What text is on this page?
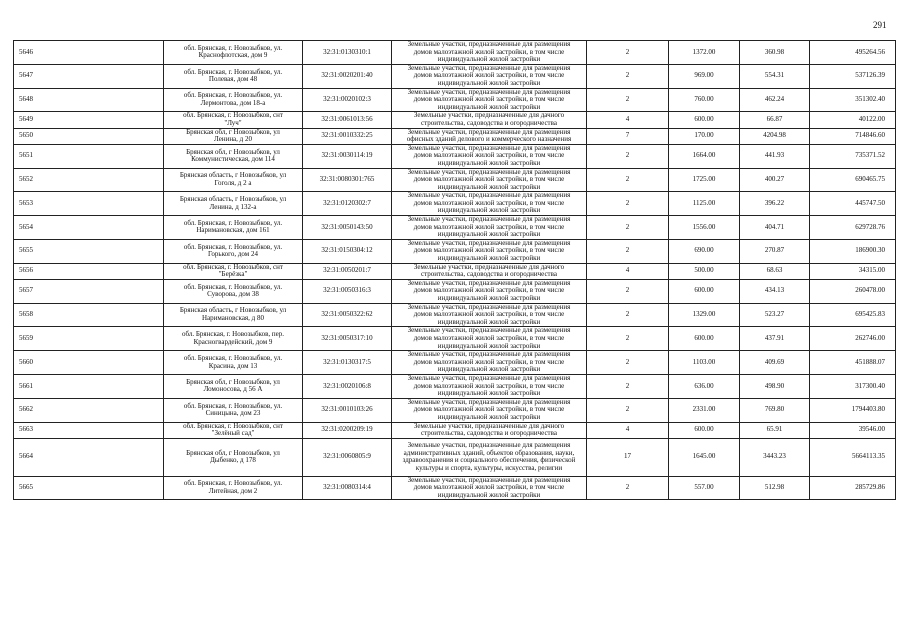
291
5646	обл. Брянская, г. Новозыбков, ул.
Краснофлотская, дом 9	32:31:0130310:1	Земельные участки, предназначенные для размещения
домов малоэтажной жилой застройки, в том числе
индивидуальной жилой застройки	2	1372.00	360.98	495264.56
5647	обл. Брянская, г. Новозыбков, ул.
Полевая, дом 48	32:31:0020201:40	Земельные участки, предназначенные для размещения
домов малоэтажной жилой застройки, в том числе
индивидуальной жилой застройки	2	969.00	554.31	537126.39
5648	обл. Брянская, г. Новозыбков, ул.
Лермонтова, дом 18-а	32:31:0020102:3	Земельные участки, предназначенные для размещения
домов малоэтажной жилой застройки, в том числе
индивидуальной жилой застройки	2	760.00	462.24	351302.40
5649	обл. Брянская, г. Новозыбков, снт
"Луч"	32:31:0061013:56	Земельные участки, предназначенные для дачного
строительства, садоводства и огородничества	4	600.00	66.87	40122.00
5650	Брянская обл, г Новозыбков, ул
Ленина, д 20	32:31:0010332:25	Земельные участки, предназначенные для размещения
офисных зданий делового и коммерческого назначения	7	170.00	4204.98	714846.60
5651	Брянская обл, г Новозыбков, ул
Коммунистическая, дом 114	32:31:0030114:19	Земельные участки, предназначенные для размещения
домов малоэтажной жилой застройки, в том числе
индивидуальной жилой застройки	2	1664.00	441.93	735371.52
5652	Брянская область, г Новозыбков, ул
Гоголя, д 2 а	32:31:0080301:765	Земельные участки, предназначенные для размещения
домов малоэтажной жилой застройки, в том числе
индивидуальной жилой застройки	2	1725.00	400.27	690465.75
5653	Брянская область, г Новозыбков, ул
Ленина, д 132-а	32:31:0120302:7	Земельные участки, предназначенные для размещения
домов малоэтажной жилой застройки, в том числе
индивидуальной жилой застройки	2	1125.00	396.22	445747.50
5654	обл. Брянская, г. Новозыбков, ул.
Наримановская, дом 161	32:31:0050143:50	Земельные участки, предназначенные для размещения
домов малоэтажной жилой застройки, в том числе
индивидуальной жилой застройки	2	1556.00	404.71	629728.76
5655	обл. Брянская, г. Новозыбков, ул.
Горького, дом 24	32:31:0150304:12	Земельные участки, предназначенные для размещения
домов малоэтажной жилой застройки, в том числе
индивидуальной жилой застройки	2	690.00	270.87	186900.30
5656	обл. Брянская, г. Новозыбков, снт
"Берёзка"	32:31:0050201:7	Земельные участки, предназначенные для дачного
строительства, садоводства и огородничества	4	500.00	68.63	34315.00
5657	обл. Брянская, г. Новозыбков, ул.
Суворова, дом 38	32:31:0050316:3	Земельные участки, предназначенные для размещения
домов малоэтажной жилой застройки, в том числе
индивидуальной жилой застройки	2	600.00	434.13	260478.00
5658	Брянская область, г Новозыбков, ул
Наримановская, д 80	32:31:0050322:62	Земельные участки, предназначенные для размещения
домов малоэтажной жилой застройки, в том числе
индивидуальной жилой застройки	2	1329.00	523.27	695425.83
5659	обл. Брянская, г. Новозыбков, пер.
Красногвардейский, дом 9	32:31:0050317:10	Земельные участки, предназначенные для размещения
домов малоэтажной жилой застройки, в том числе
индивидуальной жилой застройки	2	600.00	437.91	262746.00
5660	обл. Брянская, г. Новозыбков, ул.
Красина, дом 13	32:31:0130317:5	Земельные участки, предназначенные для размещения
домов малоэтажной жилой застройки, в том числе
индивидуальной жилой застройки	2	1103.00	409.69	451888.07
5661	Брянская обл, г Новозыбков, ул
Ломоносова, д 56 А	32:31:0020106:8	Земельные участки, предназначенные для размещения
домов малоэтажной жилой застройки, в том числе
индивидуальной жилой застройки	2	636.00	498.90	317300.40
5662	обл. Брянская, г. Новозыбков, ул.
Синицына, дом 23	32:31:0010103:26	Земельные участки, предназначенные для размещения
домов малоэтажной жилой застройки, в том числе
индивидуальной жилой застройки	2	2331.00	769.80	1794403.80
5663	обл. Брянская, г. Новозыбков, снт
"Зелёный сад"	32:31:0200209:19	Земельные участки, предназначенные для дачного
строительства, садоводства и огородничества	4	600.00	65.91	39546.00
5664	Брянская обл, г Новозыбков, ул
Дыбенко, д 178	32:31:0060805:9	Земельные участки, предназначенные для размещения
административных зданий, объектов образования, науки,
здравоохранения и социального обеспечения, физической
культуры и спорта, культуры, искусства, религии	17	1645.00	3443.23	5664113.35
5665	обл. Брянская, г. Новозыбков, ул.
Литейная, дом 2	32:31:0080314:4	Земельные участки, предназначенные для размещения
домов малоэтажной жилой застройки, в том числе
индивидуальной жилой застройки	2	557.00	512.98	285729.86
